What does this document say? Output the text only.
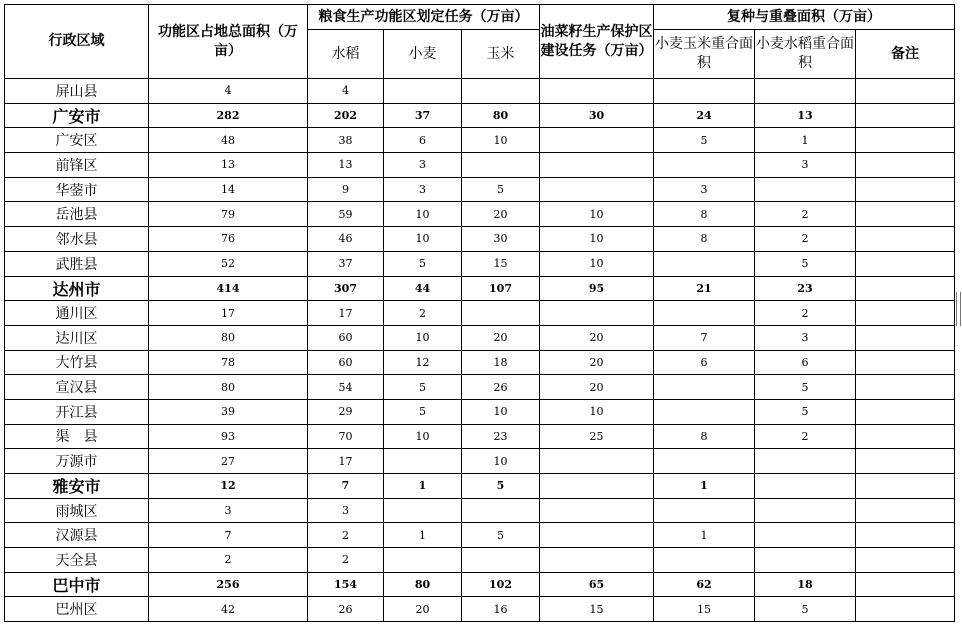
行政区域	功能区占地总面积（万亩）	粮食生产功能区划定任务（万亩）			油菜籽生产保护区建设任务（万亩）	复种与重叠面积（万亩）		
		水稻	小麦	玉米		小麦玉米重合面积	小麦水稻重合面积	备注

屏山县	4	4						
广安市	282	202	37	80	30	24	13	
广安区	48	38	6	10		5	1	
前锋区	13	13	3				3	
华蓥市	14	9	3	5		3		
岳池县	79	59	10	20	10	8	2	
邻水县	76	46	10	30	10	8	2	
武胜县	52	37	5	15	10		5	
达州市	414	307	44	107	95	21	23	
通川区	17	17	2				2	
达川区	80	60	10	20	20	7	3	
大竹县	78	60	12	18	20	6	6	
宣汉县	80	54	5	26	20		5	
开江县	39	29	5	10	10		5	
渠　县	93	70	10	23	25	8	2	
万源市	27	17		10				
雅安市	12	7	1	5		1		
雨城区	3	3						
汉源县	7	2	1	5		1		
天全县	2	2						
巴中市	256	154	80	102	65	62	18	
巴州区	42	26	20	16	15	15	5	
